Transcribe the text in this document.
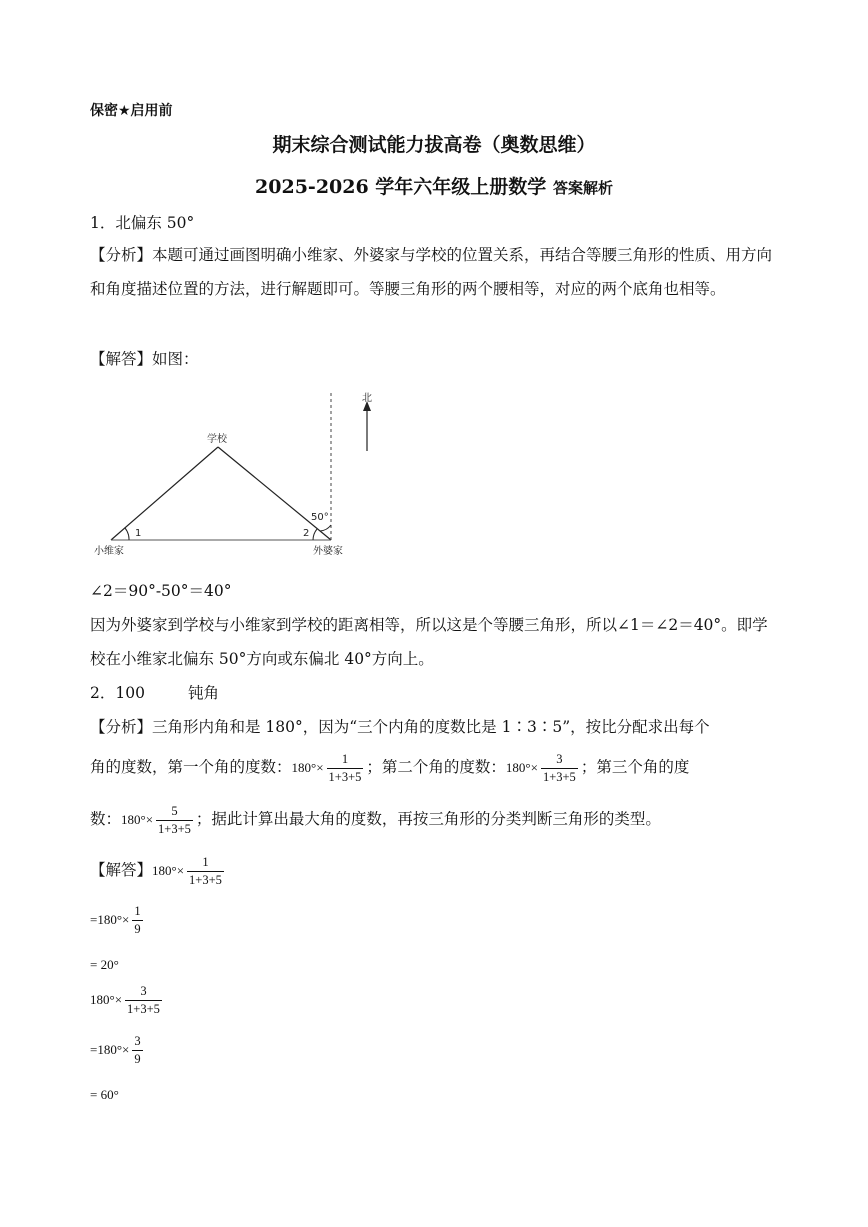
保密★启用前
期末综合测试能力拔高卷（奥数思维）
2025-2026 学年六年级上册数学 答案解析
1．北偏东 50°
【分析】本题可通过画图明确小维家、外婆家与学校的位置关系，再结合等腰三角形的性质、用方向和角度描述位置的方法，进行解题即可。等腰三角形的两个腰相等，对应的两个底角也相等。
【解答】如图：
北
学校
1	2
50°
小维家	外婆家
∠2＝90°-50°＝40°
因为外婆家到学校与小维家到学校的距离相等，所以这是个等腰三角形，所以∠1＝∠2＝40°。即学校在小维家北偏东 50°方向或东偏北 40°方向上。
2．100	钝角
【分析】三角形内角和是 180°，因为“三个内角的度数比是 1∶3∶5”，按比分配求出每个
角的度数，第一个角的度数：$180^\circ\times \frac{1}{1+3+5}$ ；第二个角的度数：$180^\circ\times \frac{3}{1+3+5}$ ；第三个角的度
数：$180^\circ\times \frac{5}{1+3+5}$ ；据此计算出最大角的度数，再按三角形的分类判断三角形的类型。
【解答】$180^\circ\times \frac{1}{1+3+5}$
$=180^\circ\times \frac{1}{9}$
= 20°
$180^\circ\times \frac{3}{1+3+5}$
$=180^\circ\times \frac{3}{9}$
= 60°
